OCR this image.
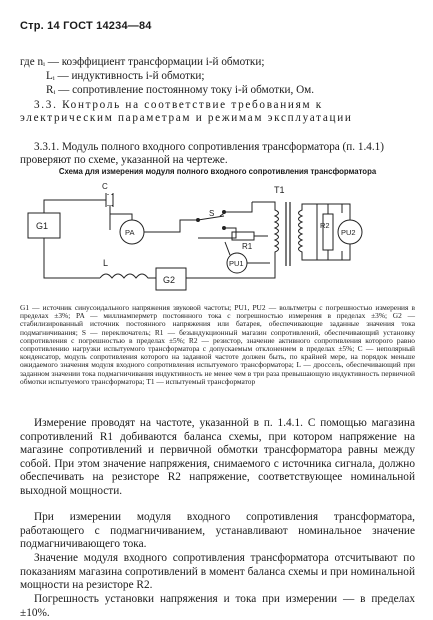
Стр. 14 ГОСТ 14234—84
где nᵢ — коэффициент трансформации i-й обмотки;
Lᵢ — индуктивность i-й обмотки;
Rᵢ — сопротивление постоянному току i-й обмотки, Ом.
3.3. Контроль на соответствие требованиям к электрическим параметрам и режимам эксплуатации
3.3.1. Модуль полного входного сопротивления трансформатора (п. 1.4.1) проверяют по схеме, указанной на чертеже.
Схема для измерения модуля полного входного сопротивления трансформатора
G1
C
PA
S
R1
PU1
T1
R2
PU2
L
G2
G1 — источник синусоидального напряжения звуковой частоты; PU1, PU2 — вольтметры с погрешностью измерения в пределах ±3%; PA — миллиамперметр постоянного тока с погрешностью измерения в пределах ±3%; G2 — стабилизированный источник постоянного напряжения или батарея, обеспечивающие заданные значения тока подмагничивания; S — переключатель; R1 — безындукционный магазин сопротивлений, обеспечивающий установку сопротивления с погрешностью в пределах ±5%; R2 — резистор, значение активного сопротивления которого равно сопротивлению нагрузки испытуемого трансформатора с допускаемым отклонением в пределах ±5%; C — неполярный конденсатор, модуль сопротивления которого на заданной частоте должен быть, по крайней мере, на порядок меньше ожидаемого значения модуля входного сопротивления испытуемого трансформатора; L — дроссель, обеспечивающий при заданном значении тока подмагничивания индуктивность не менее чем в три раза превышающую индуктивность первичной обмотки испытуемого трансформатора; T1 — испытуемый трансформатор
Измерение проводят на частоте, указанной в п. 1.4.1. С помощью магазина сопротивлений R1 добиваются баланса схемы, при котором напряжение на магазине сопротивлений и первичной обмотки трансформатора равны между собой. При этом значение напряжения, снимаемого с источника сигнала, должно обеспечивать на резисторе R2 напряжение, соответствующее номинальной выходной мощности.
При измерении модуля входного сопротивления трансформатора, работающего с подмагничиванием, устанавливают номинальное значение подмагничивающего тока.
Значение модуля входного сопротивления трансформатора отсчитывают по показаниям магазина сопротивлений в момент баланса схемы и при номинальной мощности на резисторе R2.
Погрешность установки напряжения и тока при измерении — в пределах ±10%.
